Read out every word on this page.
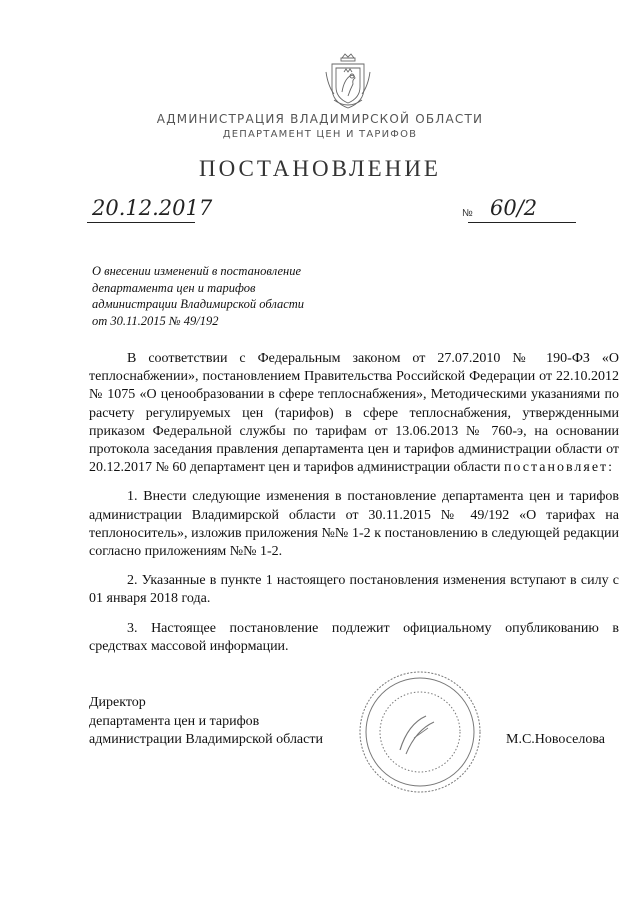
АДМИНИСТРАЦИЯ ВЛАДИМИРСКОЙ ОБЛАСТИ
ДЕПАРТАМЕНТ ЦЕН И ТАРИФОВ
ПОСТАНОВЛЕНИЕ
20.12.2017	№ 60/2
О внесении изменений в постановление
департамента цен и тарифов
администрации Владимирской области
от 30.11.2015 № 49/192

В соответствии с Федеральным законом от 27.07.2010 № 190-ФЗ «О теплоснабжении», постановлением Правительства Российской Федерации от 22.10.2012 № 1075 «О ценообразовании в сфере теплоснабжения», Методическими указаниями по расчету регулируемых цен (тарифов) в сфере теплоснабжения, утвержденными приказом Федеральной службы по тарифам от 13.06.2013 № 760-э, на основании протокола заседания правления департамента цен и тарифов администрации области от 20.12.2017 № 60 департамент цен и тарифов администрации области постановляет:

1. Внести следующие изменения в постановление департамента цен и тарифов администрации Владимирской области от 30.11.2015 № 49/192 «О тарифах на теплоноситель», изложив приложения №№ 1-2 к постановлению в следующей редакции согласно приложениям №№ 1-2.

2. Указанные в пункте 1 настоящего постановления изменения вступают в силу с 01 января 2018 года.

3. Настоящее постановление подлежит официальному опубликованию в средствах массовой информации.

Директор
департамента цен и тарифов
администрации Владимирской области	М.С.Новоселова
